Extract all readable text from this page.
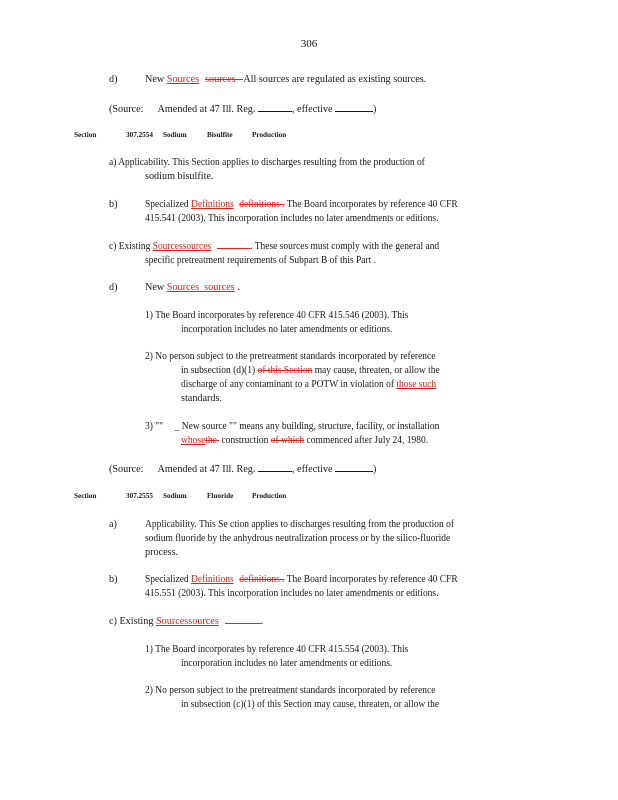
306
d)	New Sources sources All sources are regulated as existing sources.
(Source: Amended at 47 Ill. Reg.	, effective	)
Section	307.2554 Sodium	Bisulfite	Production
a) Applicability. This Section applies to discharges resulting from the production of
sodium bisulfite.
b)	Specialized Definitions definitions . The Board incorporates by reference 40 CFR
415.541 (2003). This incorporation includes no later amendments or editions.
c) Existing Sourcessources	. These sources must comply with the general and
specific pretreatment requirements of Subpart B of this Part .
d)	New Sources sources .
1) The Board incorporates by reference 40 CFR 415.546 (2003). This
incorporation includes no later amendments or editions.
2) No person subject to the pretreatment standards incorporated by reference
in subsection (d)(1) of this Section may cause, threaten, or allow the
discharge of any contaminant to a POTW in violation of those such
standards.
3) "" _ New source "" means any building, structure, facility, or installation
whosethe  construction of which commenced after July 24, 1980.
(Source: Amended at 47 Ill. Reg.	, effective	)
Section	307.2555 Sodium	Fluoride	Production
a)	Applicability. This Se ction applies to discharges resulting from the production of
sodium fluoride by the anhydrous neutralization process or by the silico-fluoride
process.
b)	Specialized Definitions definitions . The Board incorporates by reference 40 CFR
415.551 (2003). This incorporation includes no later amendments or editions.
c) Existing Sourcessources	.
1) The Board incorporates by reference 40 CFR 415.554 (2003). This
incorporation includes no later amendments or editions.
2) No person subject to the pretreatment standards incorporated by reference
in subsection (c)(1) of this Section may cause, threaten, or allow the
